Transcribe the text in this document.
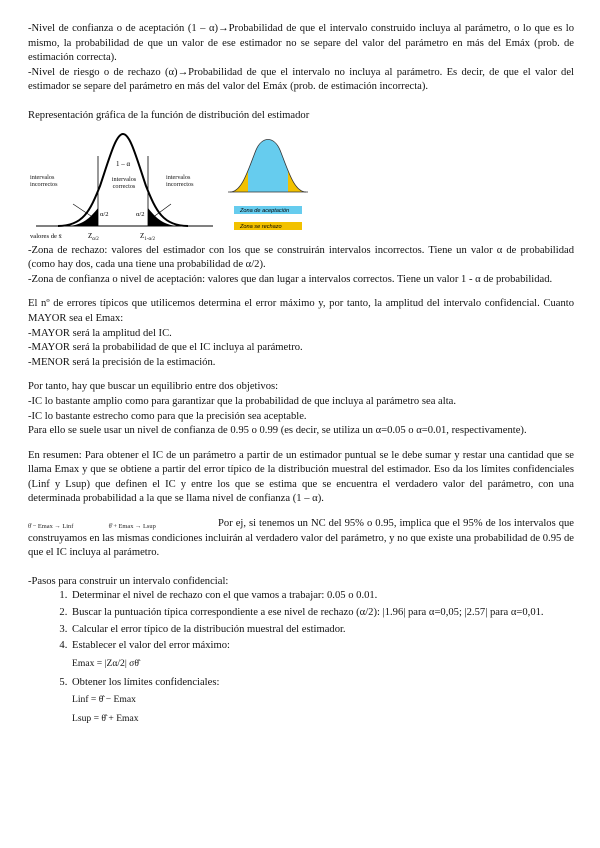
-Nivel de confianza o de aceptación (1 – α)→Probabilidad de que el intervalo construido incluya al parámetro, o lo que es lo mismo, la probabilidad de que un valor de ese estimador no se separe del valor del parámetro en más del Emáx (prob. de estimación correcta).

-Nivel de riesgo o de rechazo (α)→Probabilidad de que el intervalo no incluya al parámetro. Es decir, de que el valor del estimador se separe del parámetro en más del valor del Emáx (prob. de estimación incorrecta).

Representación gráfica de la función de distribución del estimador

1 – α
α/2	α/2
intervalos incorrectos
intervalos correctos
intervalos incorrectos
valores de x̄	$Z_{\alpha/2}$	$Z_{1-\alpha/2}$
Zona de aceptación
Zona se rechazo

-Zona de rechazo: valores del estimador con los que se construirán intervalos incorrectos. Tiene un valor α de probabilidad (como hay dos, cada una tiene una probabilidad de α/2).

-Zona de confianza o nivel de aceptación: valores que dan lugar a intervalos correctos. Tiene un valor 1 - α de probabilidad.

El nº de errores típicos que utilicemos determina el error máximo y, por tanto, la amplitud del intervalo confidencial. Cuanto MAYOR sea el Emax:

-MAYOR será la amplitud del IC.

-MAYOR será la probabilidad de que el IC incluya al parámetro.

-MENOR será la precisión de la estimación.

Por tanto, hay que buscar un equilibrio entre dos objetivos:

-IC lo bastante amplio como para garantizar que la probabilidad de que incluya al parámetro sea alta.

-IC lo bastante estrecho como para que la precisión sea aceptable.

Para ello se suele usar un nivel de confianza de 0.95 o 0.99 (es decir, se utiliza un α=0.05 o α=0.01, respectivamente).

En resumen: Para obtener el IC de un parámetro a partir de un estimador puntual se le debe sumar y restar una cantidad que se llama Emax y que se obtiene a partir del error típico de la distribución muestral del estimador. Eso da los límites confidenciales (Linf y Lsup) que definen el IC y entre los que se estima que se encuentra el verdadero valor del parámetro, con una determinada probabilidad a la que se llama nivel de confianza (1 – α).

θ̂ − Emax → Linf	θ̂ + Emax → Lsup	Por ej, si tenemos un NC del 95% o 0.95, implica que el 95% de los intervalos que construyamos en las mismas condiciones incluirán al verdadero valor del parámetro, y no que existe una probabilidad de 0.95 de que el IC incluya al parámetro.

-Pasos para construir un intervalo confidencial:

1. Determinar el nivel de rechazo con el que vamos a trabajar: 0.05 o 0.01.
2. Buscar la puntuación típica correspondiente a ese nivel de rechazo (α/2): |1.96| para α=0,05; |2.57| para α=0,01.
3. Calcular el error típico de la distribución muestral del estimador.
4. Establecer el valor del error máximo:
Emax = |Zα/2| σθ̂
5. Obtener los límites confidenciales:
Linf = θ̂ − Emax
Lsup = θ̂ + Emax
